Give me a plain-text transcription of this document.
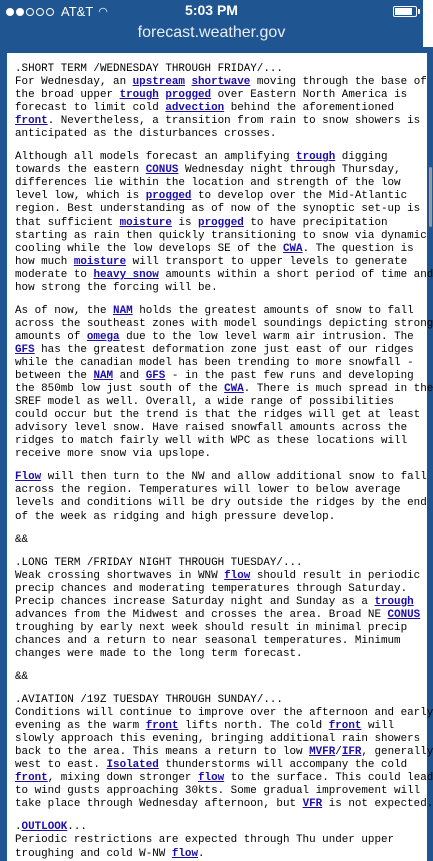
AT&T ◠	5:03 PM
forecast.weather.gov
.SHORT TERM /WEDNESDAY THROUGH FRIDAY/...
For Wednesday, an upstream shortwave moving through the base of
the broad upper trough progged over Eastern North America is
forecast to limit cold advection behind the aforementioned
front. Nevertheless, a transition from rain to snow showers is
anticipated as the disturbances crosses.
Although all models forecast an amplifying trough digging
towards the eastern CONUS Wednesday night through Thursday,
differences lie within the location and strength of the low
level low, which is progged to develop over the Mid-Atlantic
region. Best understanding as of now of the synoptic set-up is
that sufficient moisture is progged to have precipitation
starting as rain then quickly transitioning to snow via dynamic
cooling while the low develops SE of the CWA. The question is
how much moisture will transport to upper levels to generate
moderate to heavy snow amounts within a short period of time and
how strong the forcing will be.
As of now, the NAM holds the greatest amounts of snow to fall
across the southeast zones with model soundings depicting strong
amounts of omega due to the low level warm air intrusion. The
GFS has the greatest deformation zone just east of our ridges
while the canadian model has been trending to more snowfall -
between the NAM and GFS - in the past few runs and developing
the 850mb low just south of the CWA. There is much spread in the
SREF model as well. Overall, a wide range of possibilities
could occur but the trend is that the ridges will get at least
advisory level snow. Have raised snowfall amounts across the
ridges to match fairly well with WPC as these locations will
receive more snow via upslope.
Flow will then turn to the NW and allow additional snow to fall
across the region. Temperatures will lower to below average
levels and conditions will be dry outside the ridges by the end
of the week as ridging and high pressure develop.
&&
.LONG TERM /FRIDAY NIGHT THROUGH TUESDAY/...
Weak crossing shortwaves in WNW flow should result in periodic
precip chances and moderating temperatures through Saturday.
Precip chances increase Saturday night and Sunday as a trough
advances from the Midwest and crosses the area. Broad NE CONUS
troughing by early next week should result in minimal precip
chances and a return to near seasonal temperatures. Minimum
changes were made to the long term forecast.
&&
.AVIATION /19Z TUESDAY THROUGH SUNDAY/...
Conditions will continue to improve over the afternoon and early
evening as the warm front lifts north. The cold front will
slowly approach this evening, bringing additional rain showers
back to the area. This means a return to low MVFR/IFR, generally
west to east. Isolated thunderstorms will accompany the cold
front, mixing down stronger flow to the surface. This could lead
to wind gusts approaching 30kts. Some gradual improvement will
take place through Wednesday afternoon, but VFR is not expected.
.OUTLOOK...
Periodic restrictions are expected through Thu under upper
troughing and cold W-NW flow.
